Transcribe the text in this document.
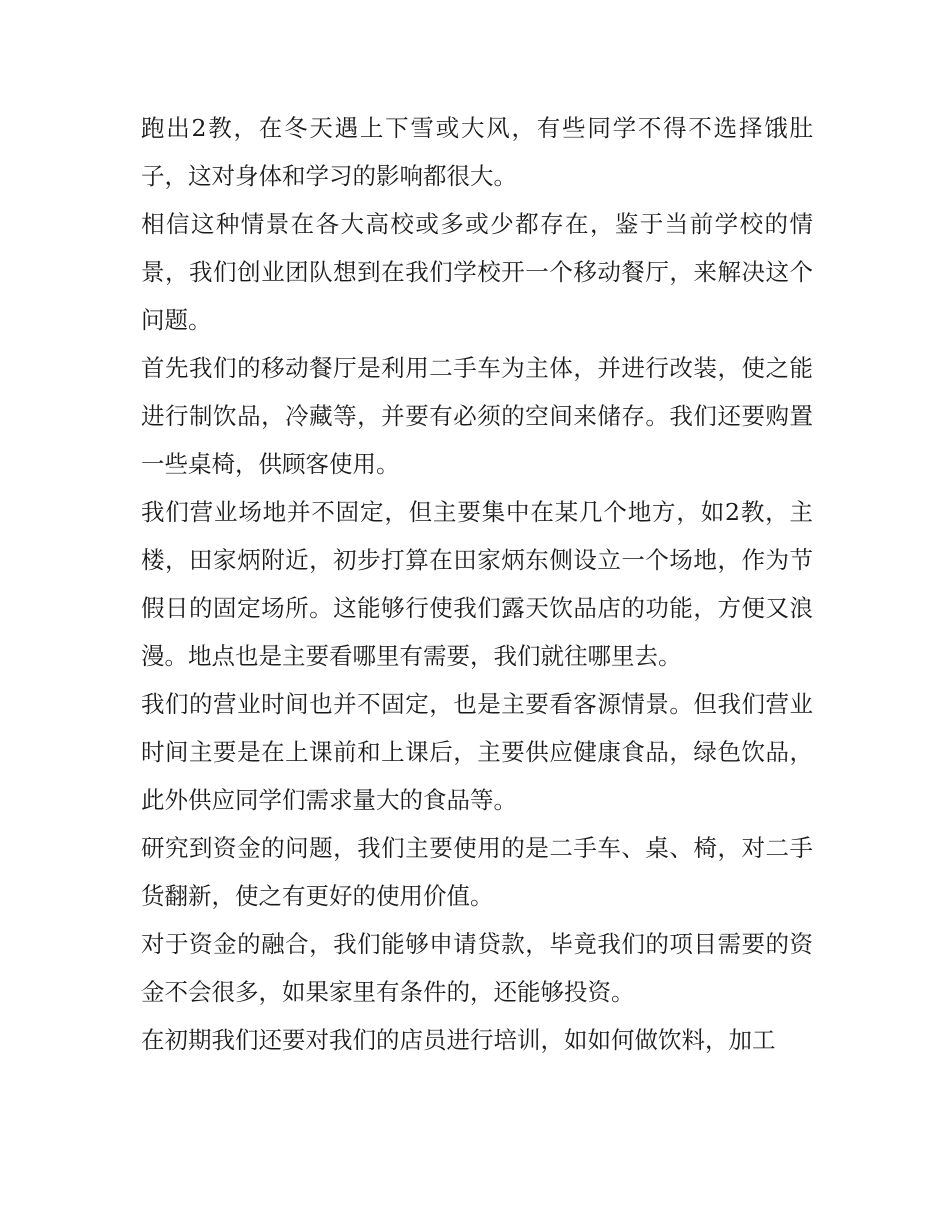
跑出2教，在冬天遇上下雪或大风，有些同学不得不选择饿肚子，这对身体和学习的影响都很大。

相信这种情景在各大高校或多或少都存在，鉴于当前学校的情景，我们创业团队想到在我们学校开一个移动餐厅，来解决这个问题。

首先我们的移动餐厅是利用二手车为主体，并进行改装，使之能进行制饮品，冷藏等，并要有必须的空间来储存。我们还要购置一些桌椅，供顾客使用。

我们营业场地并不固定，但主要集中在某几个地方，如2教，主楼，田家炳附近，初步打算在田家炳东侧设立一个场地，作为节假日的固定场所。这能够行使我们露天饮品店的功能，方便又浪漫。地点也是主要看哪里有需要，我们就往哪里去。

我们的营业时间也并不固定，也是主要看客源情景。但我们营业时间主要是在上课前和上课后，主要供应健康食品，绿色饮品，此外供应同学们需求量大的食品等。

研究到资金的问题，我们主要使用的是二手车、桌、椅，对二手货翻新，使之有更好的使用价值。

对于资金的融合，我们能够申请贷款，毕竟我们的项目需要的资金不会很多，如果家里有条件的，还能够投资。

在初期我们还要对我们的店员进行培训，如如何做饮料，加工
